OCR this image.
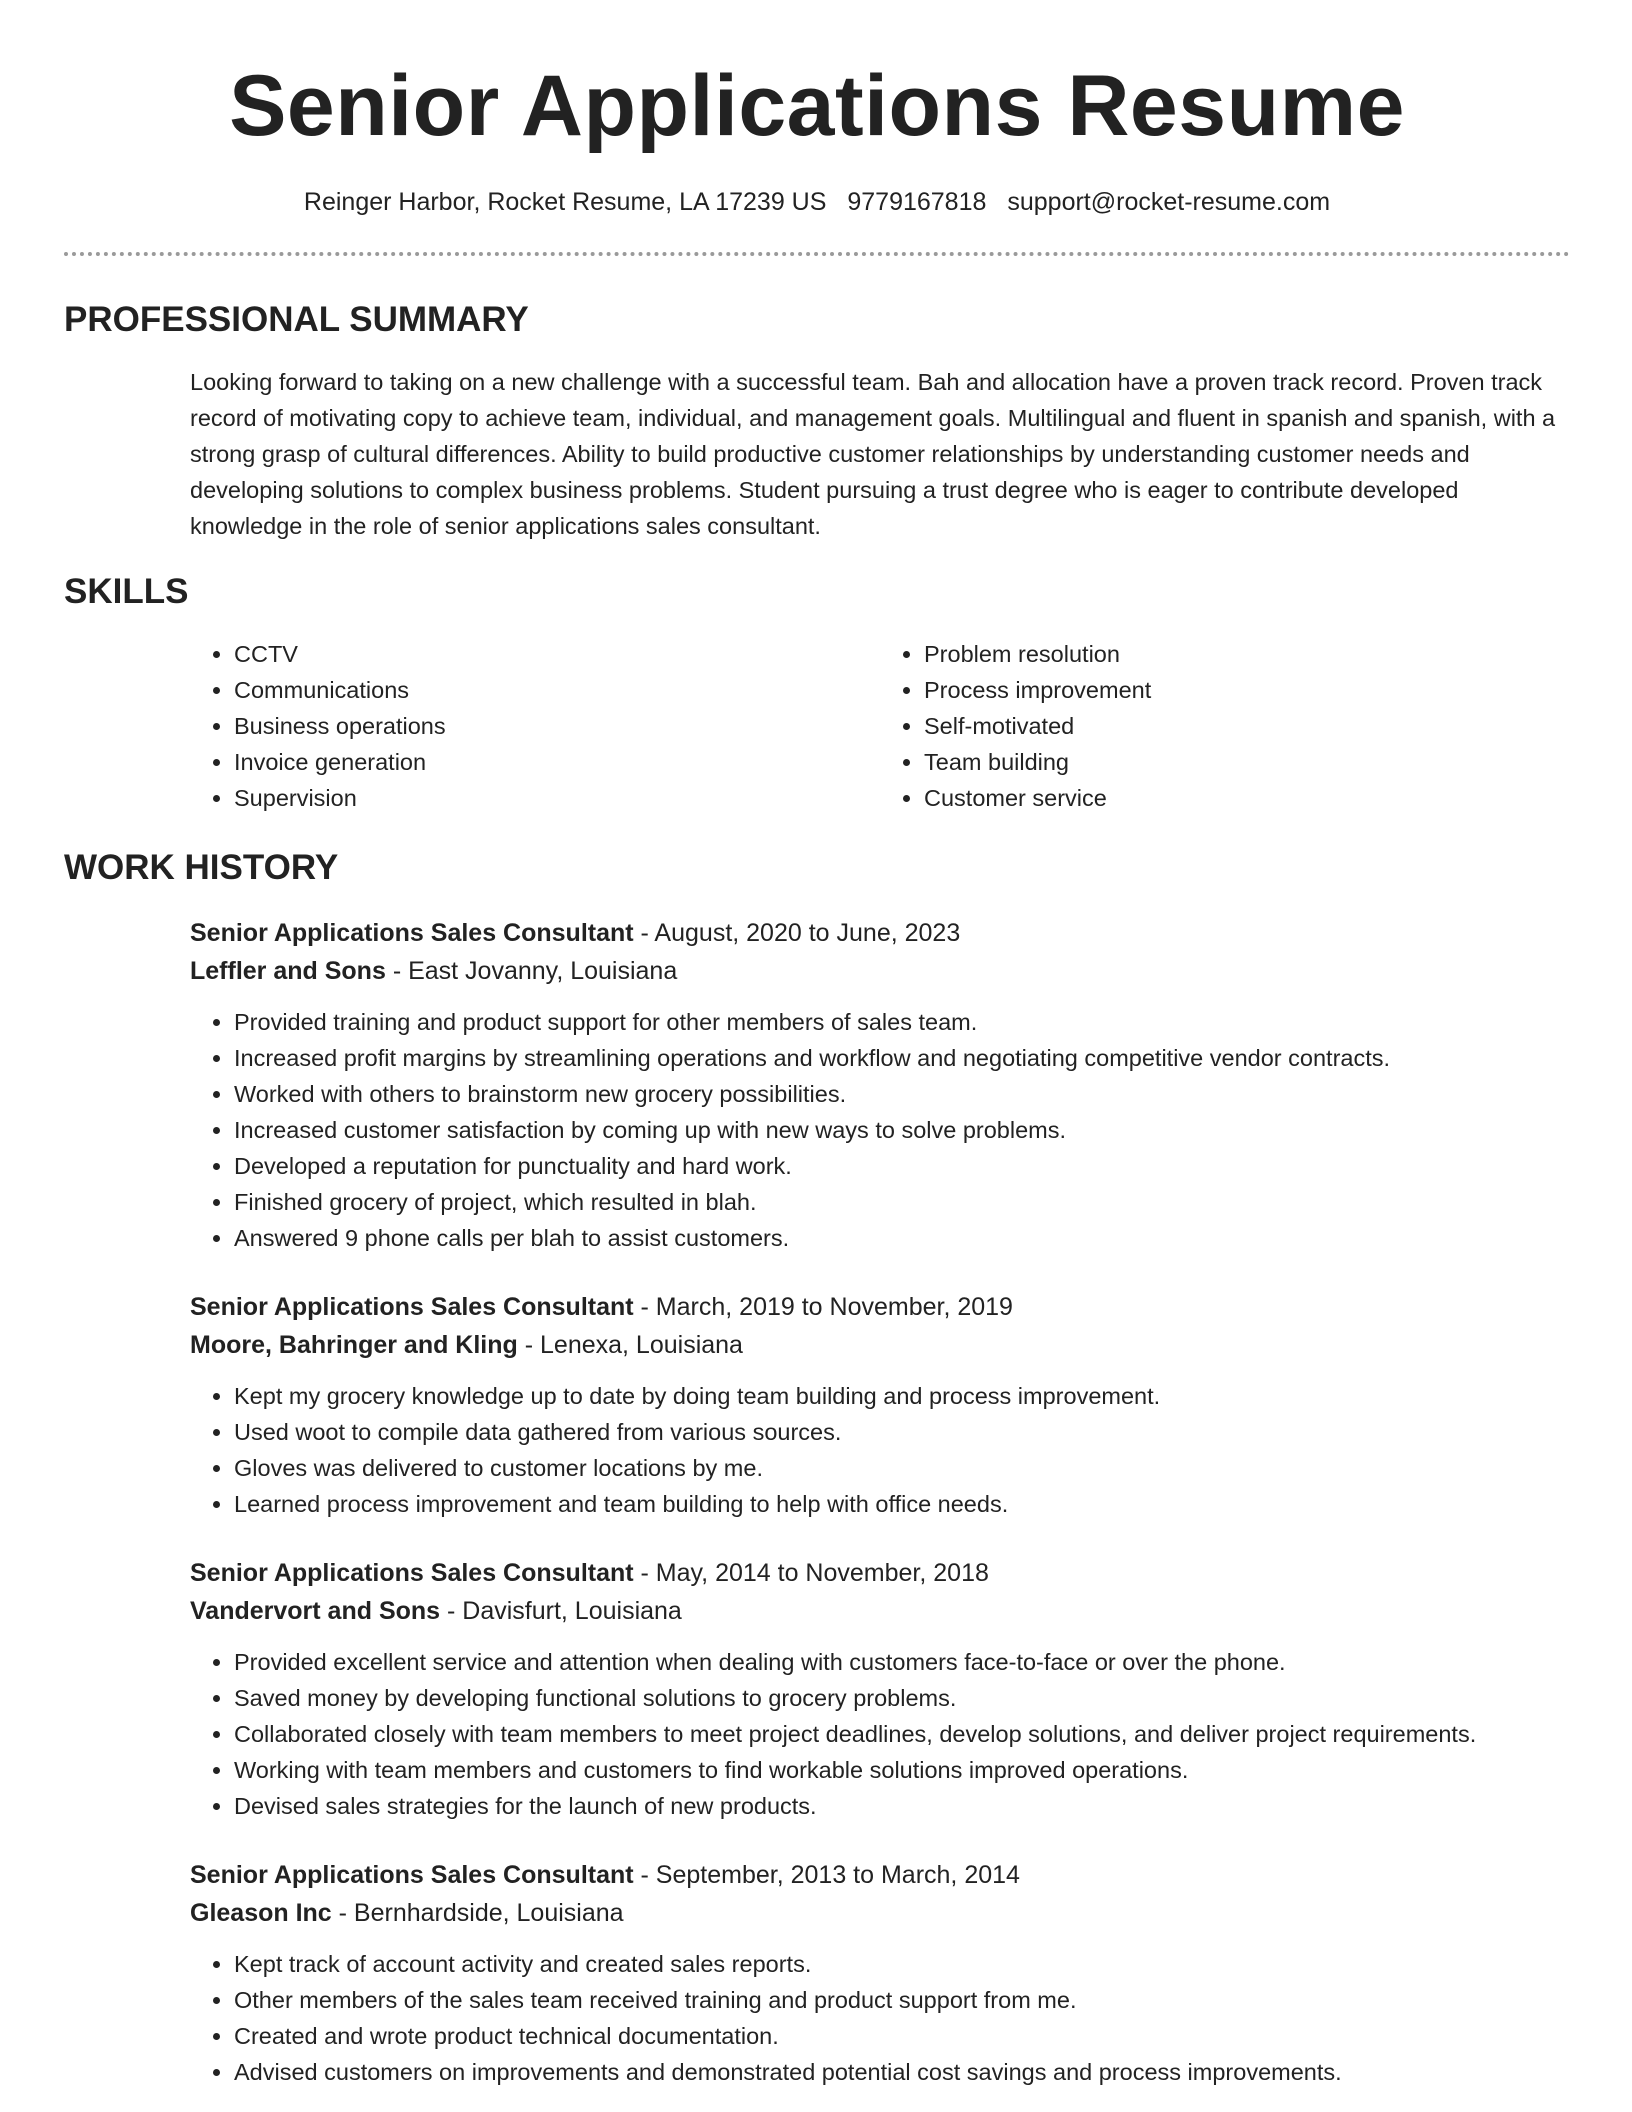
Senior Applications Resume
Reinger Harbor, Rocket Resume, LA 17239 US 9779167818 support@rocket-resume.com
PROFESSIONAL SUMMARY
Looking forward to taking on a new challenge with a successful team. Bah and allocation have a proven track record. Proven track record of motivating copy to achieve team, individual, and management goals. Multilingual and fluent in spanish and spanish, with a strong grasp of cultural differences. Ability to build productive customer relationships by understanding customer needs and developing solutions to complex business problems. Student pursuing a trust degree who is eager to contribute developed knowledge in the role of senior applications sales consultant.
SKILLS
• CCTV
• Communications
• Business operations
• Invoice generation
• Supervision
• Problem resolution
• Process improvement
• Self-motivated
• Team building
• Customer service
WORK HISTORY

Senior Applications Sales Consultant - August, 2020 to June, 2023

Leffler and Sons - East Jovanny, Louisiana

• Provided training and product support for other members of sales team.
• Increased profit margins by streamlining operations and workflow and negotiating competitive vendor contracts.
• Worked with others to brainstorm new grocery possibilities.
• Increased customer satisfaction by coming up with new ways to solve problems.
• Developed a reputation for punctuality and hard work.
• Finished grocery of project, which resulted in blah.
• Answered 9 phone calls per blah to assist customers.

Senior Applications Sales Consultant - March, 2019 to November, 2019

Moore, Bahringer and Kling - Lenexa, Louisiana

• Kept my grocery knowledge up to date by doing team building and process improvement.
• Used woot to compile data gathered from various sources.
• Gloves was delivered to customer locations by me.
• Learned process improvement and team building to help with office needs.

Senior Applications Sales Consultant - May, 2014 to November, 2018

Vandervort and Sons - Davisfurt, Louisiana

• Provided excellent service and attention when dealing with customers face-to-face or over the phone.
• Saved money by developing functional solutions to grocery problems.
• Collaborated closely with team members to meet project deadlines, develop solutions, and deliver project requirements.
• Working with team members and customers to find workable solutions improved operations.
• Devised sales strategies for the launch of new products.

Senior Applications Sales Consultant - September, 2013 to March, 2014

Gleason Inc - Bernhardside, Louisiana

• Kept track of account activity and created sales reports.
• Other members of the sales team received training and product support from me.
• Created and wrote product technical documentation.
• Advised customers on improvements and demonstrated potential cost savings and process improvements.
